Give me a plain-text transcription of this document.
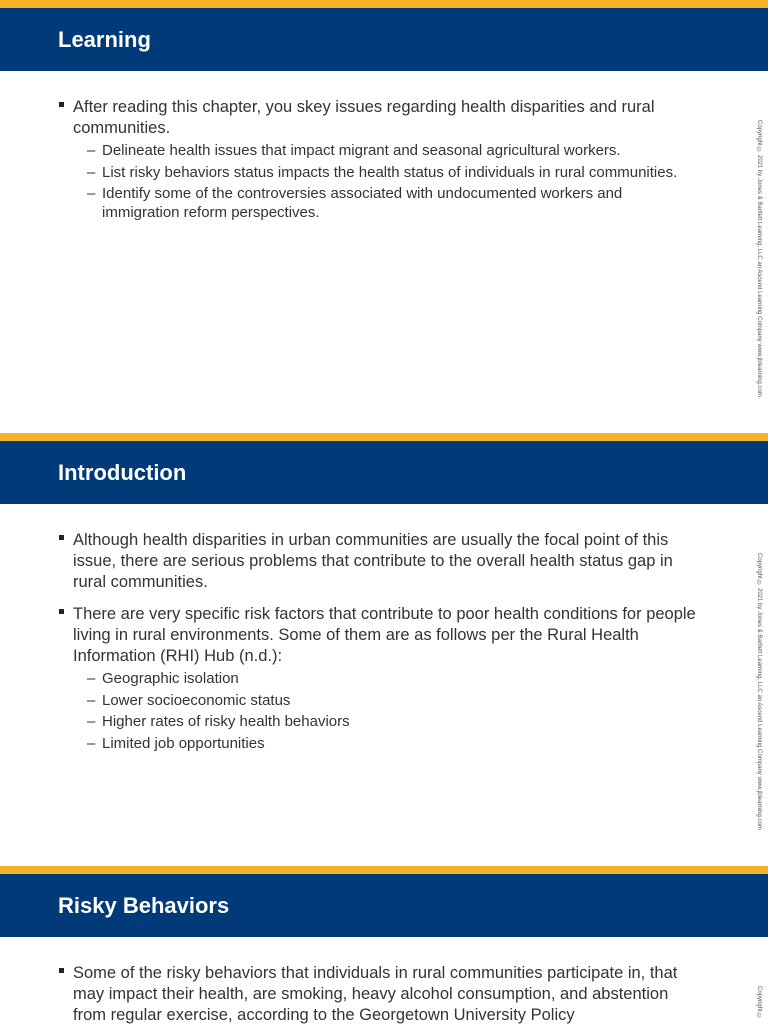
Learning
After reading this chapter, you skey issues regarding health disparities and rural communities.
– Delineate health issues that impact migrant and seasonal agricultural workers.
– List risky behaviors status impacts the health status of individuals in rural communities.
– Identify some of the controversies associated with undocumented workers and immigration reform perspectives.	Copyright © 2021 by Jones & Bartlett Learning, LLC an Ascend Learning Company www.jblearning.com
Introduction
Although health disparities in urban communities are usually the focal point of this issue, there are serious problems that contribute to the overall health status gap in rural communities.
There are very specific risk factors that contribute to poor health conditions for people living in rural environments. Some of them are as follows per the Rural Health Information (RHI) Hub (n.d.):
– Geographic isolation
– Lower socioeconomic status
– Higher rates of risky health behaviors
– Limited job opportunities	Copyright © 2021 by Jones & Bartlett Learning, LLC an Ascend Learning Company www.jblearning.com
Risky Behaviors
Some of the risky behaviors that individuals in rural communities participate in, that may impact their health, are smoking, heavy alcohol consumption, and abstention from regular exercise, according to the Georgetown University Policy	Copyright ©
